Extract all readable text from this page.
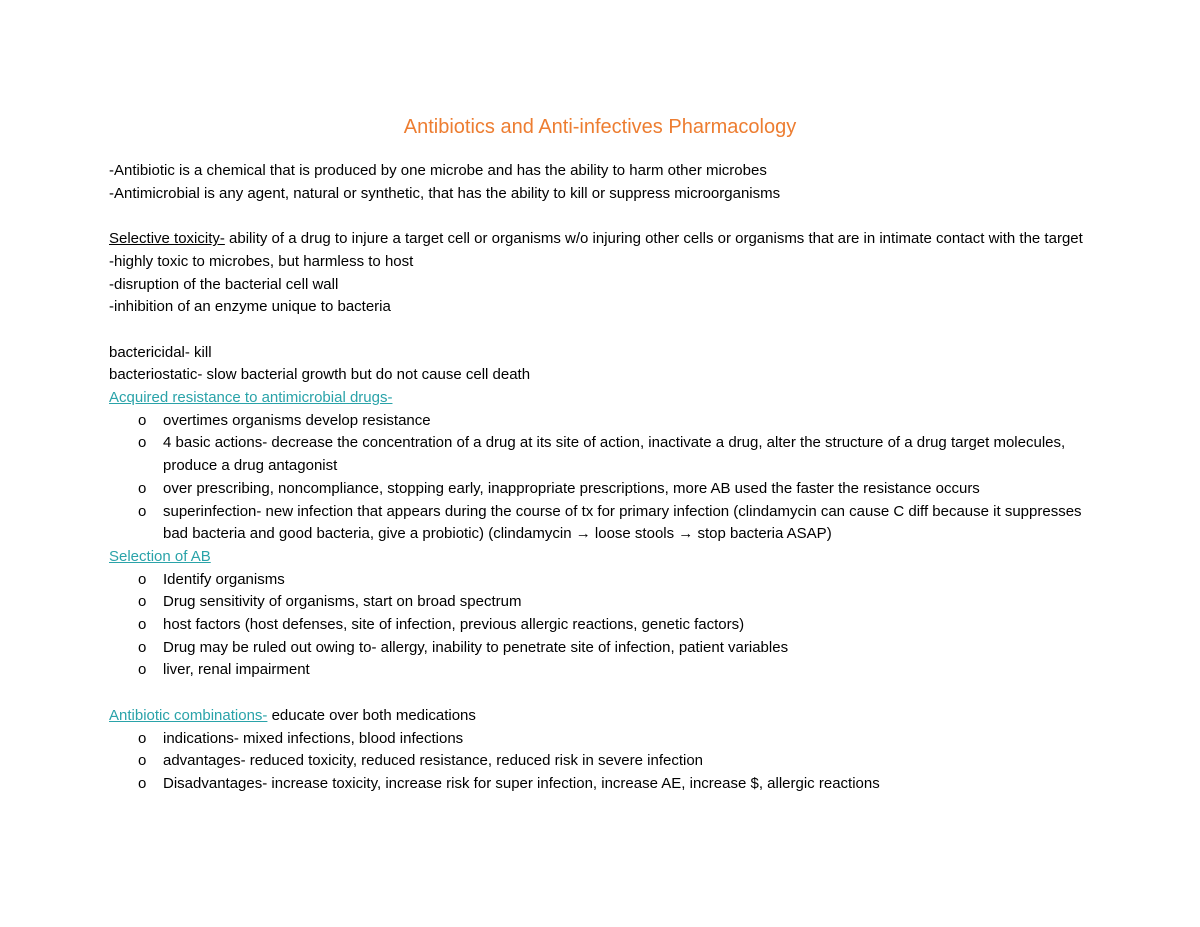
Antibiotics and Anti-infectives Pharmacology
-Antibiotic is a chemical that is produced by one microbe and has the ability to harm other microbes
-Antimicrobial is any agent, natural or synthetic, that has the ability to kill or suppress microorganisms
Selective toxicity- ability of a drug to injure a target cell or organisms w/o injuring other cells or organisms that are in intimate contact with the target
-highly toxic to microbes, but harmless to host
-disruption of the bacterial cell wall
-inhibition of an enzyme unique to bacteria
bactericidal- kill
bacteriostatic- slow bacterial growth but do not cause cell death
Acquired resistance to antimicrobial drugs-
o overtimes organisms develop resistance
o 4 basic actions- decrease the concentration of a drug at its site of action, inactivate a drug, alter the structure of a drug target molecules, produce a drug antagonist
o over prescribing, noncompliance, stopping early, inappropriate prescriptions, more AB used the faster the resistance occurs
o superinfection- new infection that appears during the course of tx for primary infection (clindamycin can cause C diff because it suppresses bad bacteria and good bacteria, give a probiotic) (clindamycin → loose stools → stop bacteria ASAP)
Selection of AB
o Identify organisms
o Drug sensitivity of organisms, start on broad spectrum
o host factors (host defenses, site of infection, previous allergic reactions, genetic factors)
o Drug may be ruled out owing to- allergy, inability to penetrate site of infection, patient variables
o liver, renal impairment
Antibiotic combinations- educate over both medications
o indications- mixed infections, blood infections
o advantages- reduced toxicity, reduced resistance, reduced risk in severe infection
o Disadvantages- increase toxicity, increase risk for super infection, increase AE, increase $, allergic reactions
